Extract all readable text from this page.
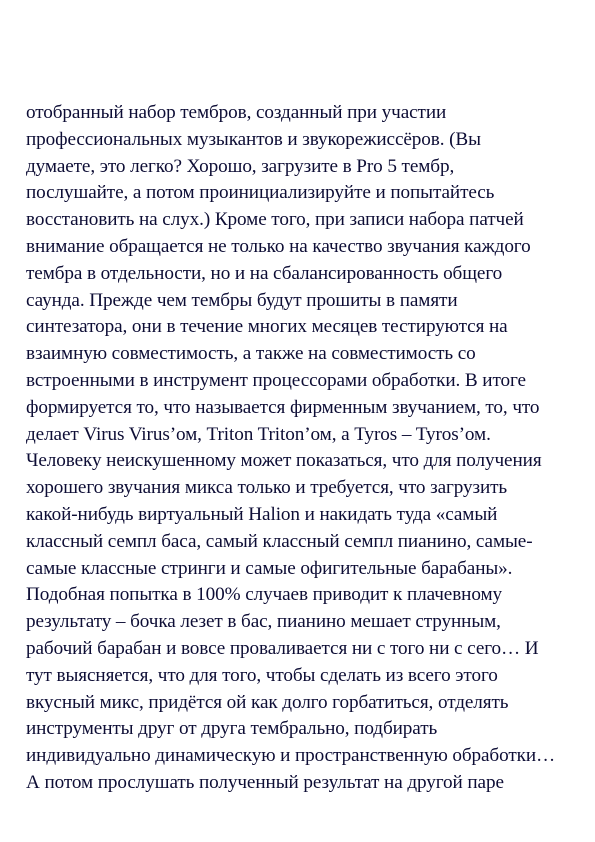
отобранный набор тембров, созданный при участии
профессиональных музыкантов и звукорежиссёров. (Вы
думаете, это легко? Хорошо, загрузите в Pro 5 тембр,
послушайте, а потом проинициализируйте и попытайтесь
восстановить на слух.) Кроме того, при записи набора патчей
внимание обращается не только на качество звучания каждого
тембра в отдельности, но и на сбалансированность общего
саунда. Прежде чем тембры будут прошиты в памяти
синтезатора, они в течение многих месяцев тестируются на
взаимную совместимость, а также на совместимость со
встроенными в инструмент процессорами обработки. В итоге
формируется то, что называется фирменным звучанием, то, что
делает Virus Virus’ом, Triton Triton’ом, а Tyros – Tyros’ом.
Человеку неискушенному может показаться, что для получения
хорошего звучания микса только и требуется, что загрузить
какой-нибудь виртуальный Halion и накидать туда «самый
классный семпл баса, самый классный семпл пианино, самые-
самые классные стринги и самые офигительные барабаны».
Подобная попытка в 100% случаев приводит к плачевному
результату – бочка лезет в бас, пианино мешает струнным,
рабочий барабан и вовсе проваливается ни с того ни с сего… И
тут выясняется, что для того, чтобы сделать из всего этого
вкусный микс, придётся ой как долго горбатиться, отделять
инструменты друг от друга тембрально, подбирать
индивидуально динамическую и пространственную обработки…
А потом прослушать полученный результат на другой паре
